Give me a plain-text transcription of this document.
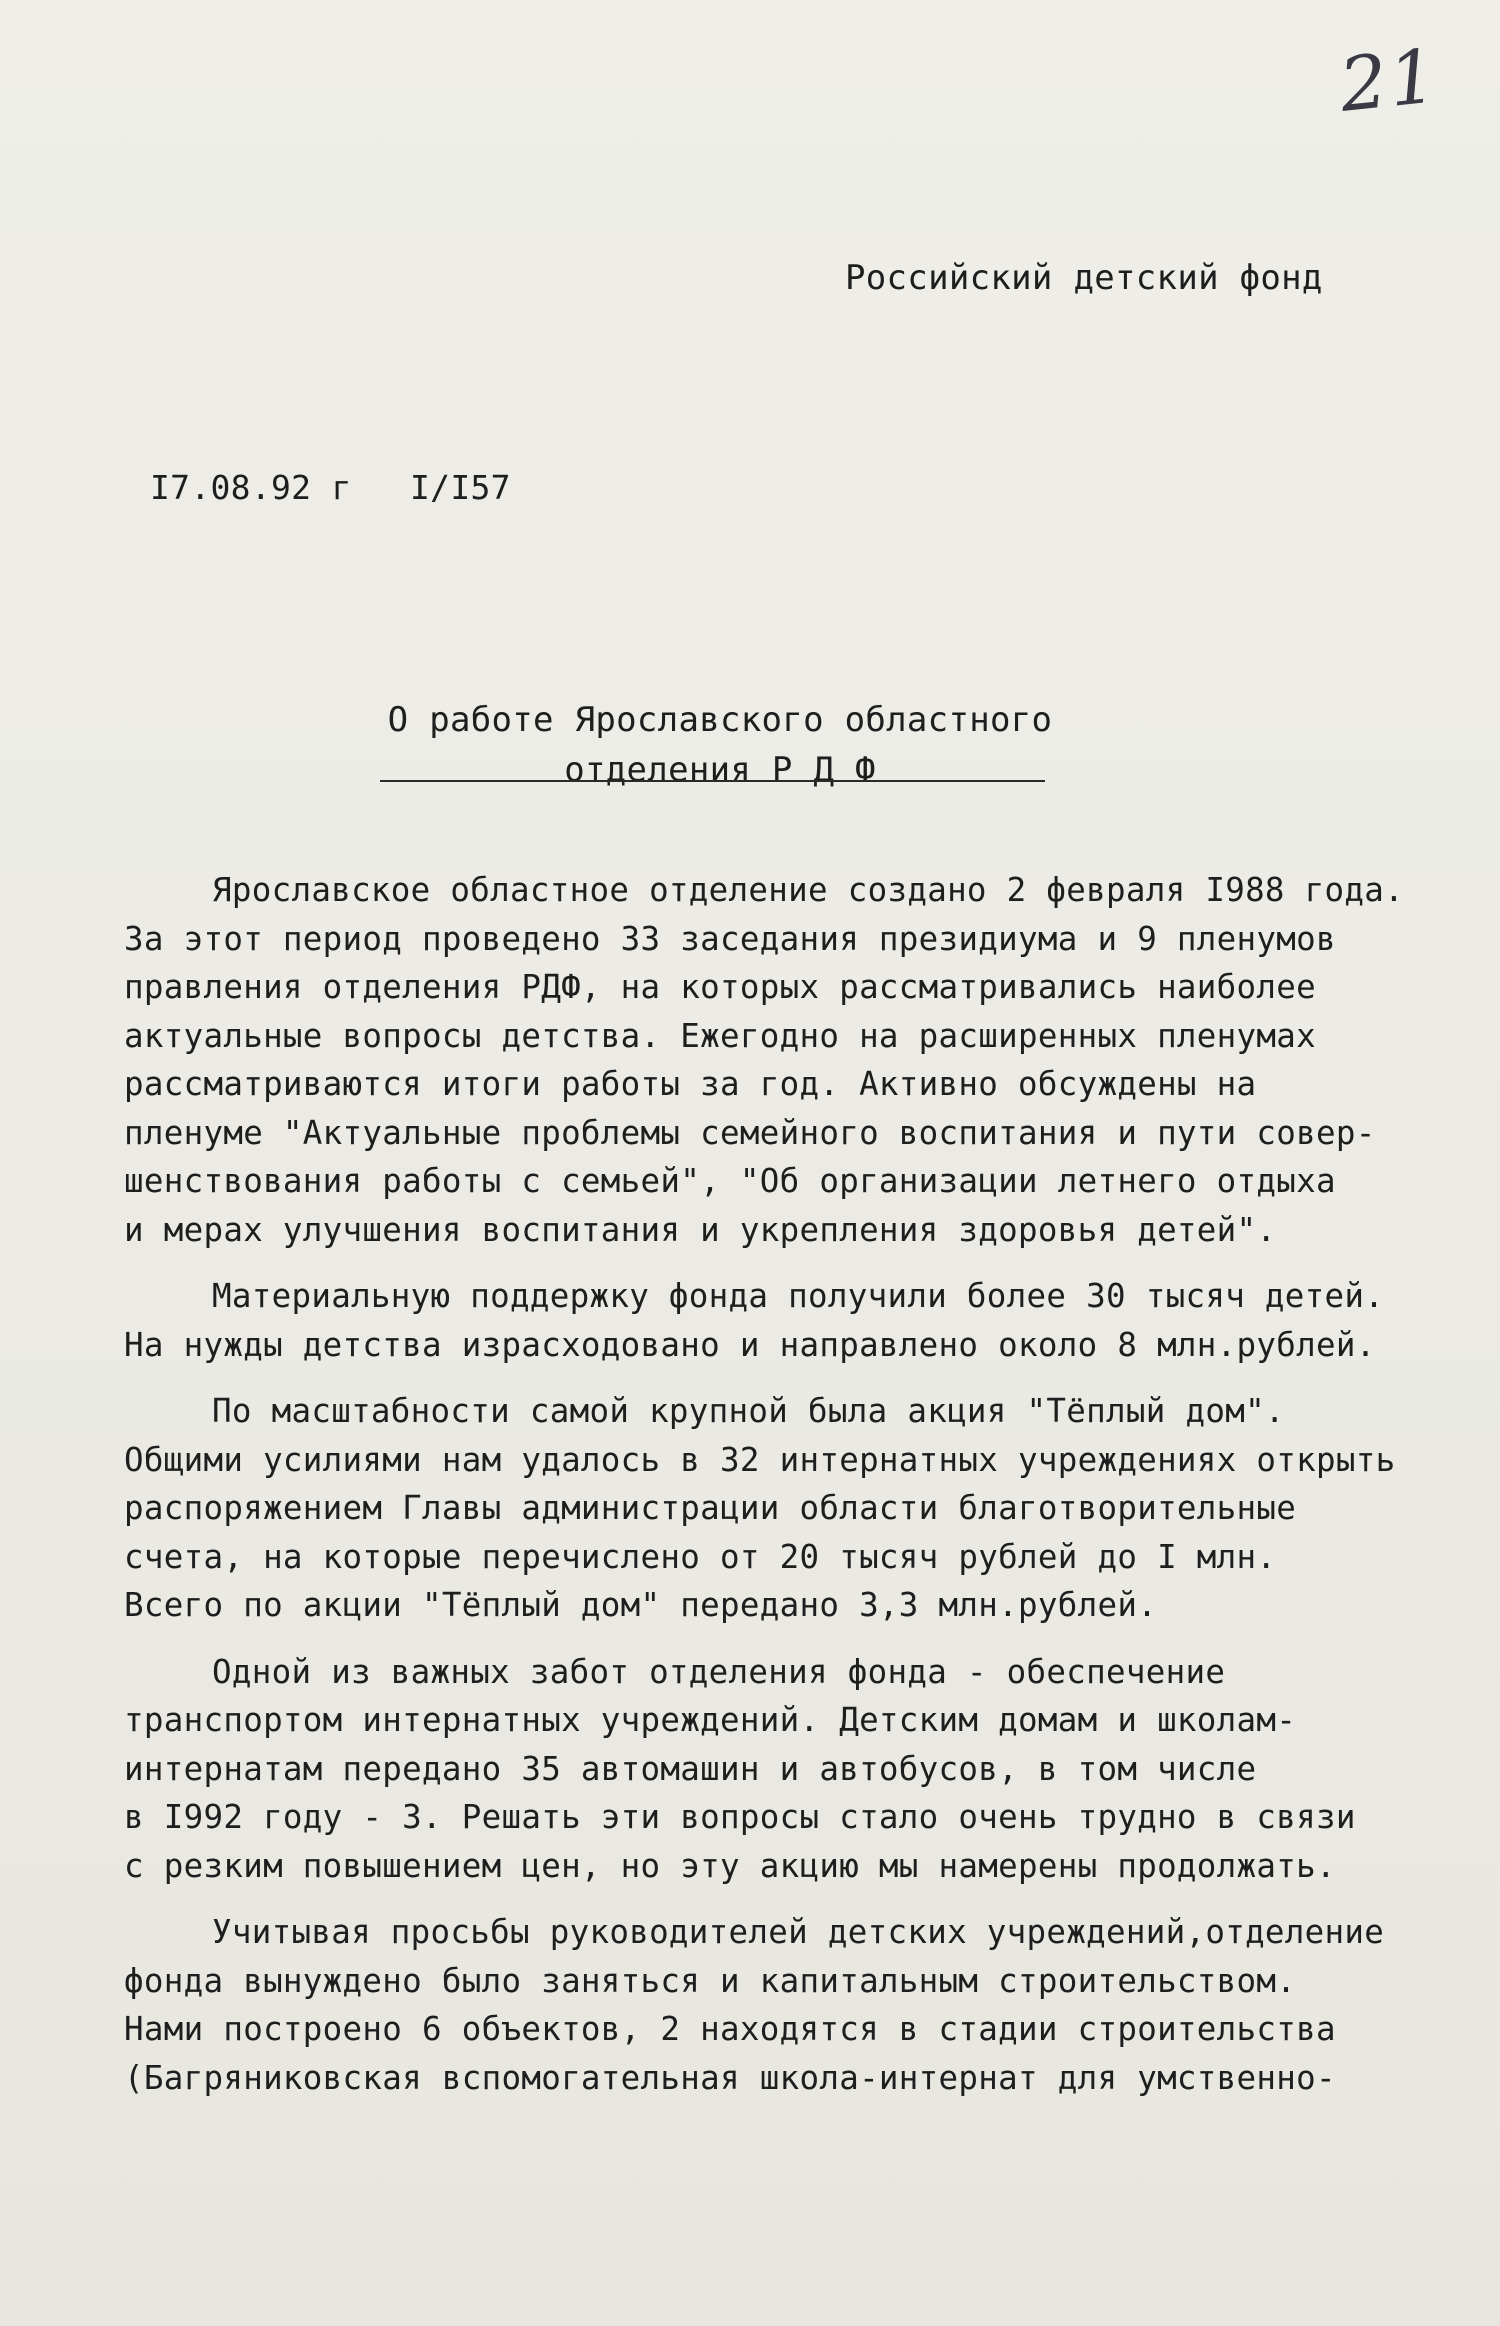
21
Российский детский фонд
I7.08.92 г I/I57
О работе Ярославского областного
отделения Р Д Ф
Ярославское областное отделение создано 2 февраля I988 года.
За этот период проведено 33 заседания президиума и 9 пленумов
правления отделения РДФ, на которых рассматривались наиболее
актуальные вопросы детства. Ежегодно на расширенных пленумах
рассматриваются итоги работы за год. Активно обсуждены на
пленуме "Актуальные проблемы семейного воспитания и пути совер-
шенствования работы с семьей", "Об организации летнего отдыха
и мерах улучшения воспитания и укрепления здоровья детей".
Материальную поддержку фонда получили более 30 тысяч детей.
На нужды детства израсходовано и направлено около 8 млн.рублей.
По масштабности самой крупной была акция "Тёплый дом".
Общими усилиями нам удалось в 32 интернатных учреждениях открыть
распоряжением Главы администрации области благотворительные
счета, на которые перечислено от 20 тысяч рублей до I млн.
Всего по акции "Тёплый дом" передано 3,3 млн.рублей.
Одной из важных забот отделения фонда - обеспечение
транспортом интернатных учреждений. Детским домам и школам-
интернатам передано 35 автомашин и автобусов, в том числе
в I992 году - 3. Решать эти вопросы стало очень трудно в связи
с резким повышением цен, но эту акцию мы намерены продолжать.
Учитывая просьбы руководителей детских учреждений,отделение
фонда вынуждено было заняться и капитальным строительством.
Нами построено 6 объектов, 2 находятся в стадии строительства
(Багряниковская вспомогательная школа-интернат для умственно-
